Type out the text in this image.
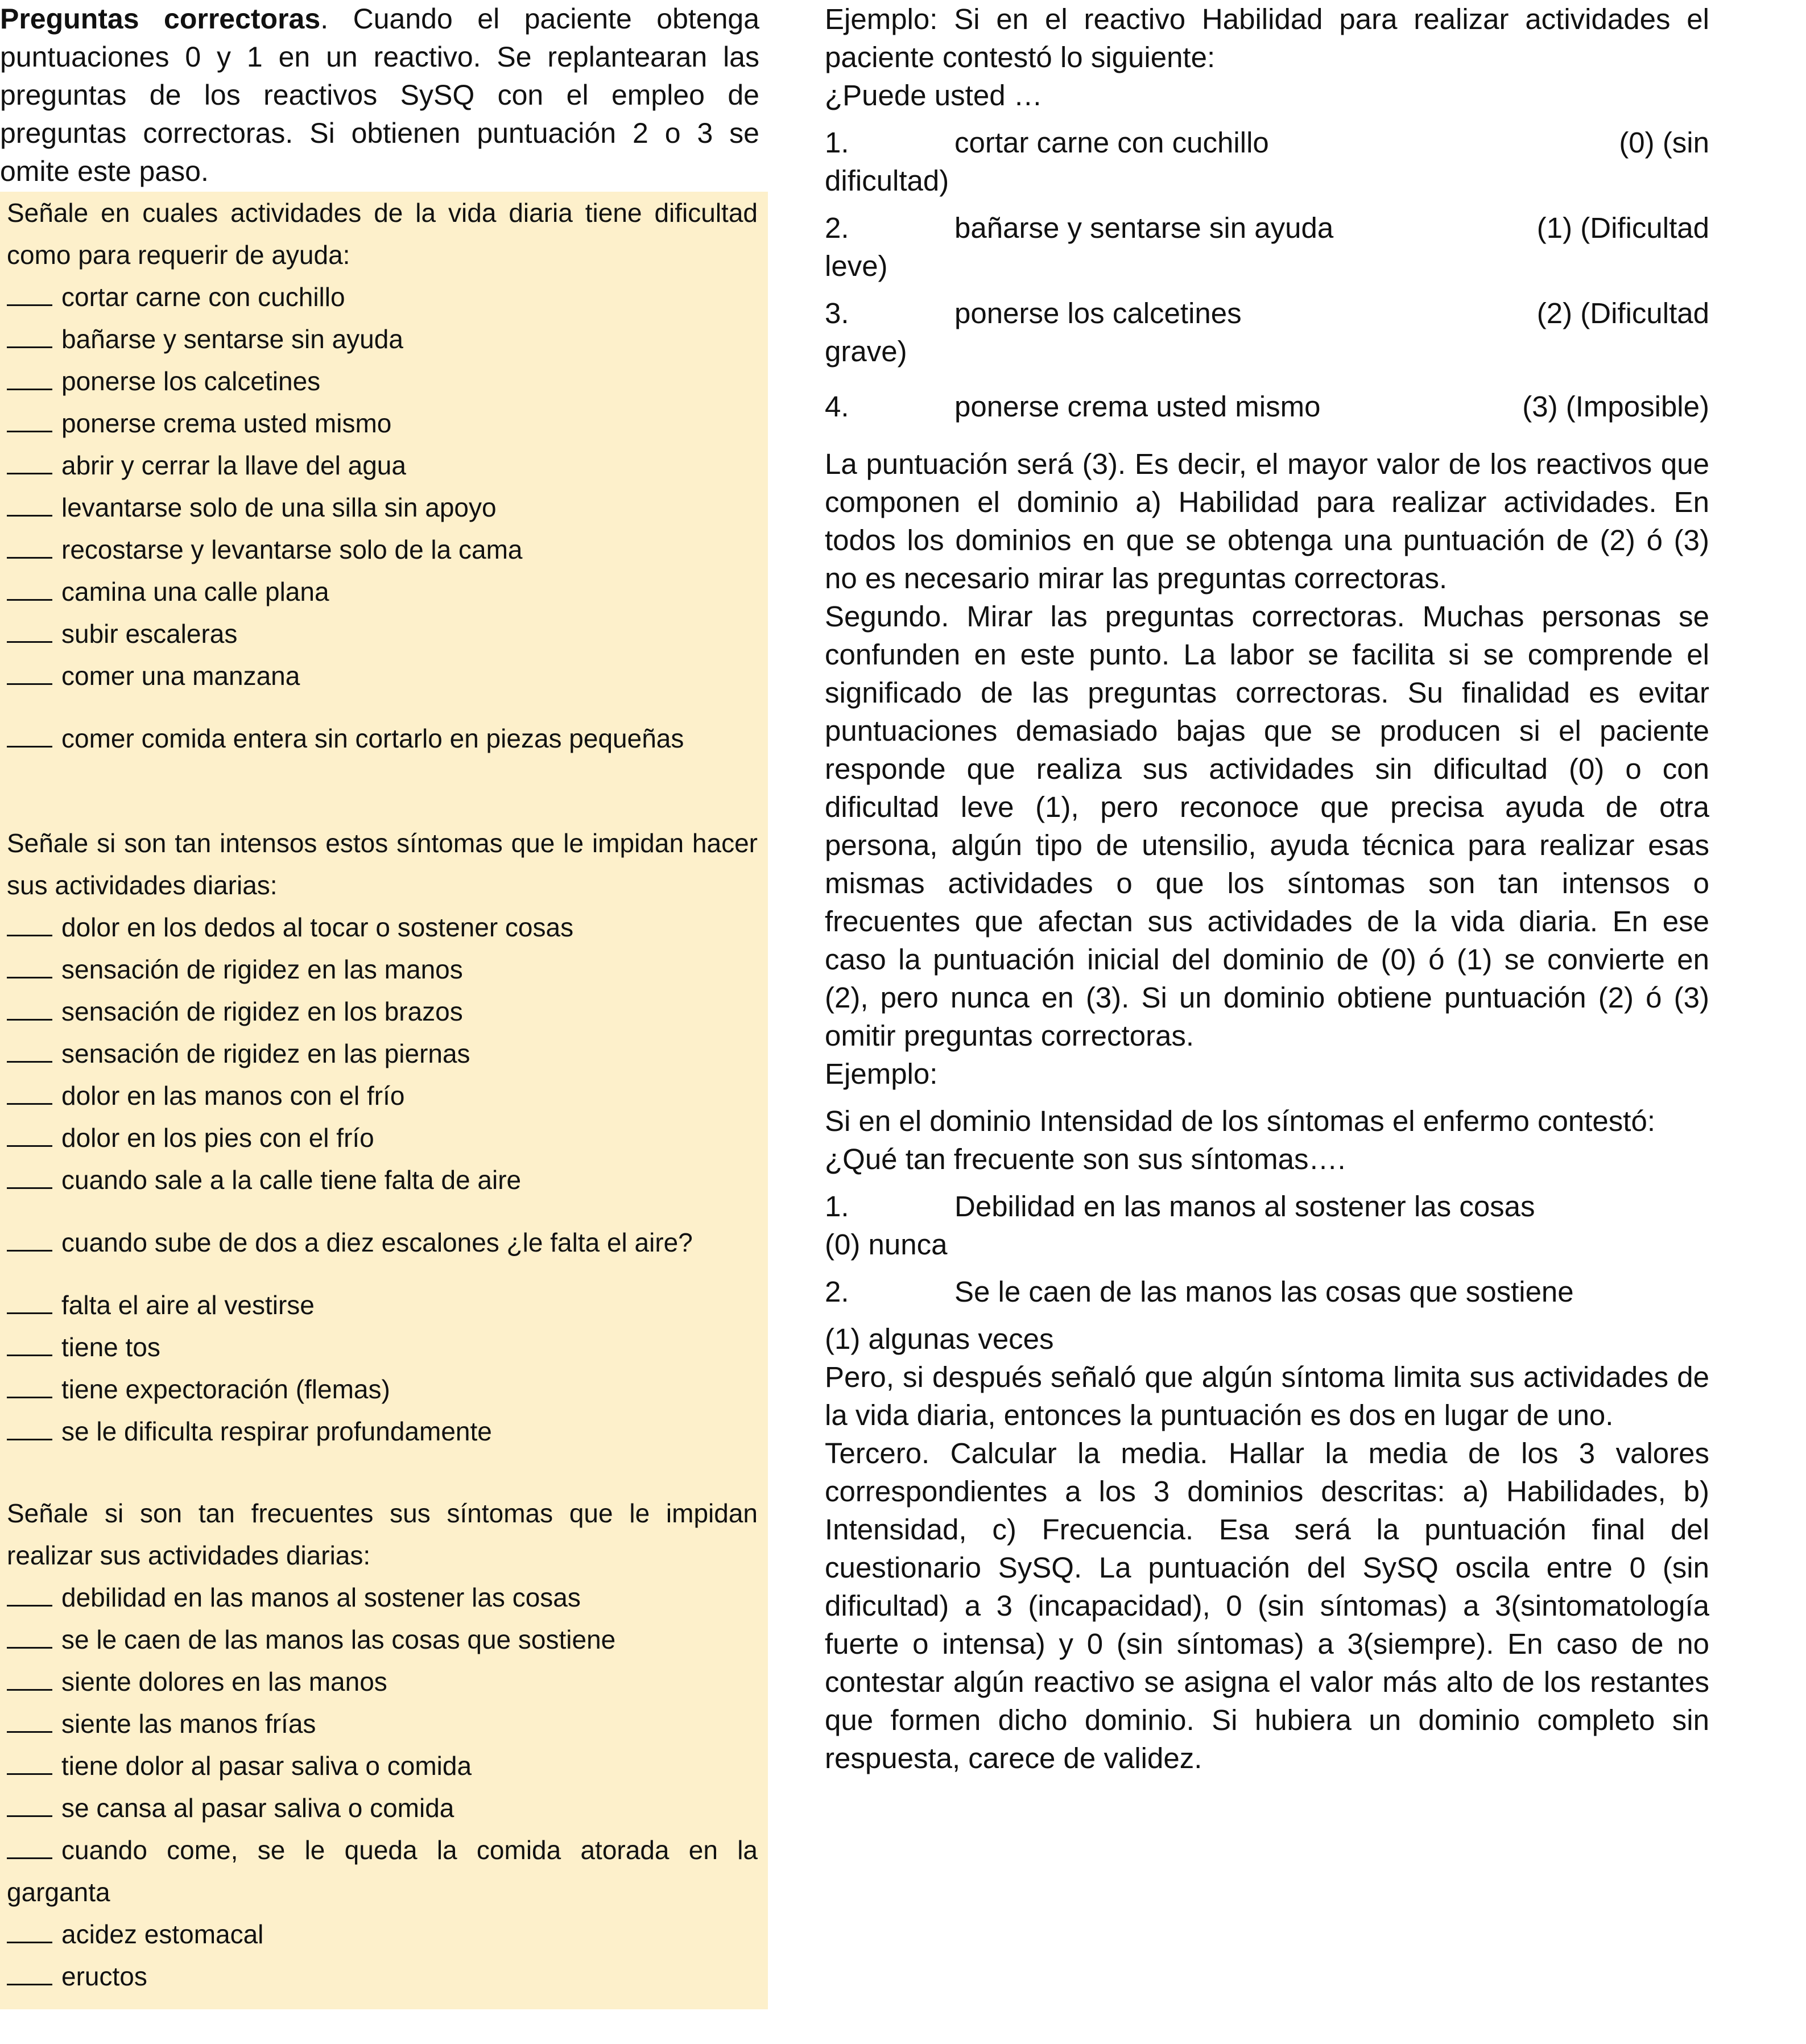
Preguntas correctoras. Cuando el paciente obtenga puntuaciones 0 y 1 en un reactivo. Se replantearan las preguntas de los reactivos SySQ con el empleo de preguntas correctoras. Si obtienen puntuación 2 o 3 se omite este paso.
Señale en cuales actividades de la vida diaria tiene dificultad como para requerir de ayuda:
cortar carne con cuchillo
bañarse y sentarse sin ayuda
ponerse los calcetines
ponerse crema usted mismo
abrir y cerrar la llave del agua
levantarse solo de una silla sin apoyo
recostarse y levantarse solo de la cama
camina una calle plana
subir escaleras
comer una manzana
comer comida entera sin cortarlo en piezas pequeñas
Señale si son tan intensos estos síntomas que le impidan hacer sus actividades diarias:
dolor en los dedos al tocar o sostener cosas
sensación de rigidez en las manos
sensación de rigidez en los brazos
sensación de rigidez en las piernas
dolor en las manos con el frío
dolor en los pies con el frío
cuando sale a la calle tiene falta de aire
cuando sube de dos a diez escalones ¿le falta el aire?
falta el aire al vestirse
tiene tos
tiene expectoración (flemas)
se le dificulta respirar profundamente
Señale si son tan frecuentes sus síntomas que le impidan realizar sus actividades diarias:
debilidad en las manos al sostener las cosas
se le caen de las manos las cosas que sostiene
siente dolores en las manos
siente las manos frías
tiene dolor al pasar saliva o comida
se cansa al pasar saliva o comida
cuando come, se le queda la comida atorada en la garganta
acidez estomacal
eructos

Ejemplo: Si en el reactivo Habilidad para realizar actividades el paciente contestó lo siguiente:

¿Puede usted …

1.	cortar carne con cuchillo	(0) (sin

dificultad)

2.	bañarse y sentarse sin ayuda	(1) (Dificultad

leve)

3.	ponerse los calcetines	(2) (Dificultad

grave)

4.	ponerse crema usted mismo	(3) (Imposible)

La puntuación será (3). Es decir, el mayor valor de los reactivos que componen el dominio a) Habilidad para realizar actividades. En todos los dominios en que se obtenga una puntuación de (2) ó (3) no es necesario mirar las preguntas correctoras.

Segundo. Mirar las preguntas correctoras. Muchas personas se confunden en este punto. La labor se facilita si se comprende el significado de las preguntas correctoras. Su finalidad es evitar puntuaciones demasiado bajas que se producen si el paciente responde que realiza sus actividades sin dificultad (0) o con dificultad leve (1), pero reconoce que precisa ayuda de otra persona, algún tipo de utensilio, ayuda técnica para realizar esas mismas actividades o que los síntomas son tan intensos o frecuentes que afectan sus actividades de la vida diaria. En ese caso la puntuación inicial del dominio de (0) ó (1) se convierte en (2), pero nunca en (3). Si un dominio obtiene puntuación (2) ó (3) omitir preguntas correctoras.

Ejemplo:

Si en el dominio Intensidad de los síntomas el enfermo contestó:

¿Qué tan frecuente son sus síntomas….

1.	Debilidad en las manos al sostener las cosas

(0) nunca

2.	Se le caen de las manos las cosas que sostiene

(1) algunas veces

Pero, si después señaló que algún síntoma limita sus actividades de la vida diaria, entonces la puntuación es dos en lugar de uno.

Tercero. Calcular la media. Hallar la media de los 3 valores correspondientes a los 3 dominios descritas: a) Habilidades, b) Intensidad, c) Frecuencia. Esa será la puntuación final del cuestionario SySQ. La puntuación del SySQ oscila entre 0 (sin dificultad) a 3 (incapacidad), 0 (sin síntomas) a 3(sintomatología fuerte o intensa) y 0 (sin síntomas) a 3(siempre). En caso de no contestar algún reactivo se asigna el valor más alto de los restantes que formen dicho dominio. Si hubiera un dominio completo sin respuesta, carece de validez.
